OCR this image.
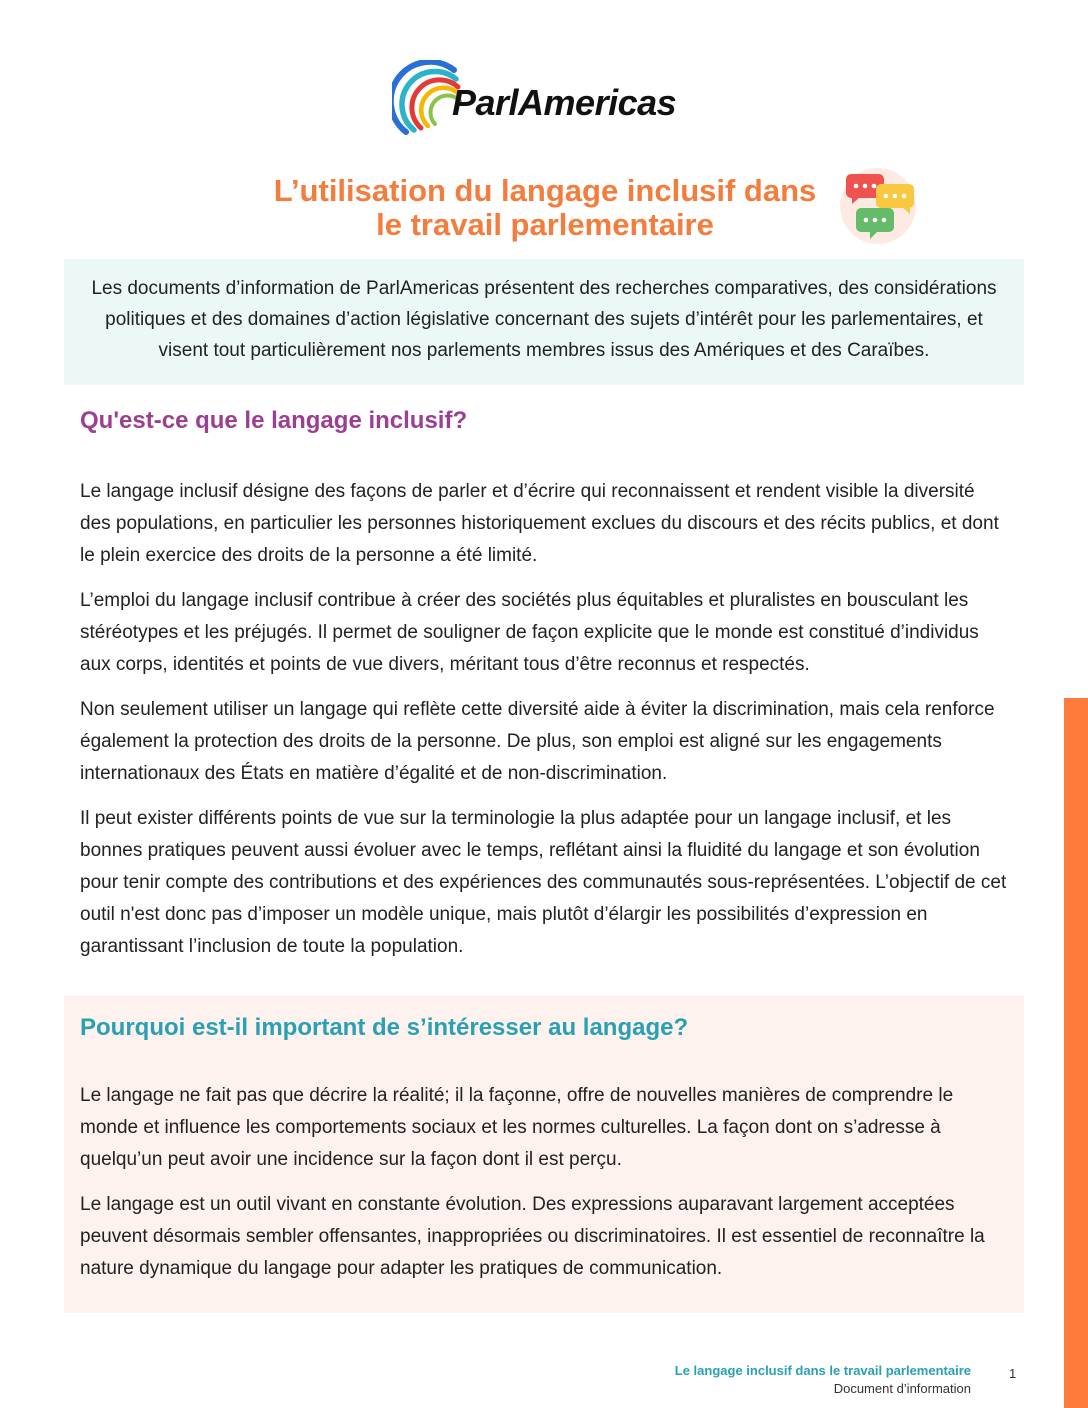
ParlAmericas
L’utilisation du langage inclusif dans
le travail parlementaire

Les documents d’information de ParlAmericas présentent des recherches comparatives, des considérations politiques et des domaines d’action législative concernant des sujets d’intérêt pour les parlementaires, et visent tout particulièrement nos parlements membres issus des Amériques et des Caraïbes.

Qu'est-ce que le langage inclusif?

Le langage inclusif désigne des façons de parler et d’écrire qui reconnaissent et rendent visible la diversité des populations, en particulier les personnes historiquement exclues du discours et des récits publics, et dont le plein exercice des droits de la personne a été limité.

L’emploi du langage inclusif contribue à créer des sociétés plus équitables et pluralistes en bousculant les stéréotypes et les préjugés. Il permet de souligner de façon explicite que le monde est constitué d’individus aux corps, identités et points de vue divers, méritant tous d’être reconnus et respectés.

Non seulement utiliser un langage qui reflète cette diversité aide à éviter la discrimination, mais cela renforce également la protection des droits de la personne. De plus, son emploi est aligné sur les engagements internationaux des États en matière d’égalité et de non-discrimination.

Il peut exister différents points de vue sur la terminologie la plus adaptée pour un langage inclusif, et les bonnes pratiques peuvent aussi évoluer avec le temps, reflétant ainsi la fluidité du langage et son évolution pour tenir compte des contributions et des expériences des communautés sous-représentées. L’objectif de cet outil n'est donc pas d’imposer un modèle unique, mais plutôt d’élargir les possibilités d’expression en garantissant l’inclusion de toute la population.

Pourquoi est-il important de s’intéresser au langage?

Le langage ne fait pas que décrire la réalité; il la façonne, offre de nouvelles manières de comprendre le monde et influence les comportements sociaux et les normes culturelles. La façon dont on s’adresse à quelqu’un peut avoir une incidence sur la façon dont il est perçu.

Le langage est un outil vivant en constante évolution. Des expressions auparavant largement acceptées peuvent désormais sembler offensantes, inappropriées ou discriminatoires. Il est essentiel de reconnaître la nature dynamique du langage pour adapter les pratiques de communication.

Le langage inclusif dans le travail parlementaire
Document d’information
1
